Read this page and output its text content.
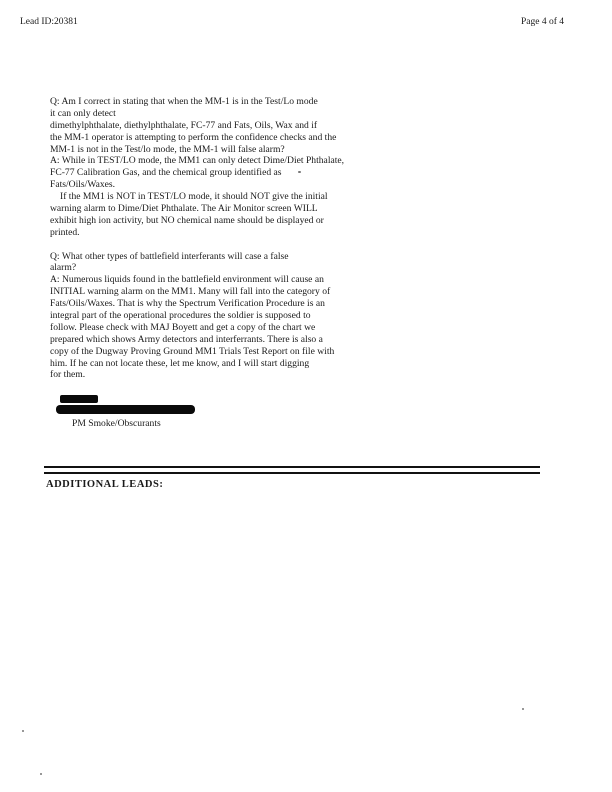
Lead ID:20381	Page 4 of 4
Q: Am I correct in stating that when the MM-1 is in the Test/Lo mode
it can only detect
dimethylphthalate, diethylphthalate, FC-77 and Fats, Oils, Wax and if
the MM-1 operator is attempting to perform the confidence checks and the
MM-1 is not in the Test/lo mode, the MM-1 will false alarm?
A: While in TEST/LO mode, the MM1 can only detect Dime/Diet Phthalate,
FC-77 Calibration Gas, and the chemical group identified as
Fats/Oils/Waxes.
If the MM1 is NOT in TEST/LO mode, it should NOT give the initial
warning alarm to Dime/Diet Phthalate. The Air Monitor screen WILL
exhibit high ion activity, but NO chemical name should be displayed or
printed.
Q: What other types of battlefield interferants will case a false
alarm?
A: Numerous liquids found in the battlefield environment will cause an
INITIAL warning alarm on the MM1. Many will fall into the category of
Fats/Oils/Waxes. That is why the Spectrum Verification Procedure is an
integral part of the operational procedures the soldier is supposed to
follow. Please check with MAJ Boyett and get a copy of the chart we
prepared which shows Army detectors and interferrants. There is also a
copy of the Dugway Proving Ground MM1 Trials Test Report on file with
him. If he can not locate these, let me know, and I will start digging
for them.
PM Smoke/Obscurants
ADDITIONAL LEADS:
